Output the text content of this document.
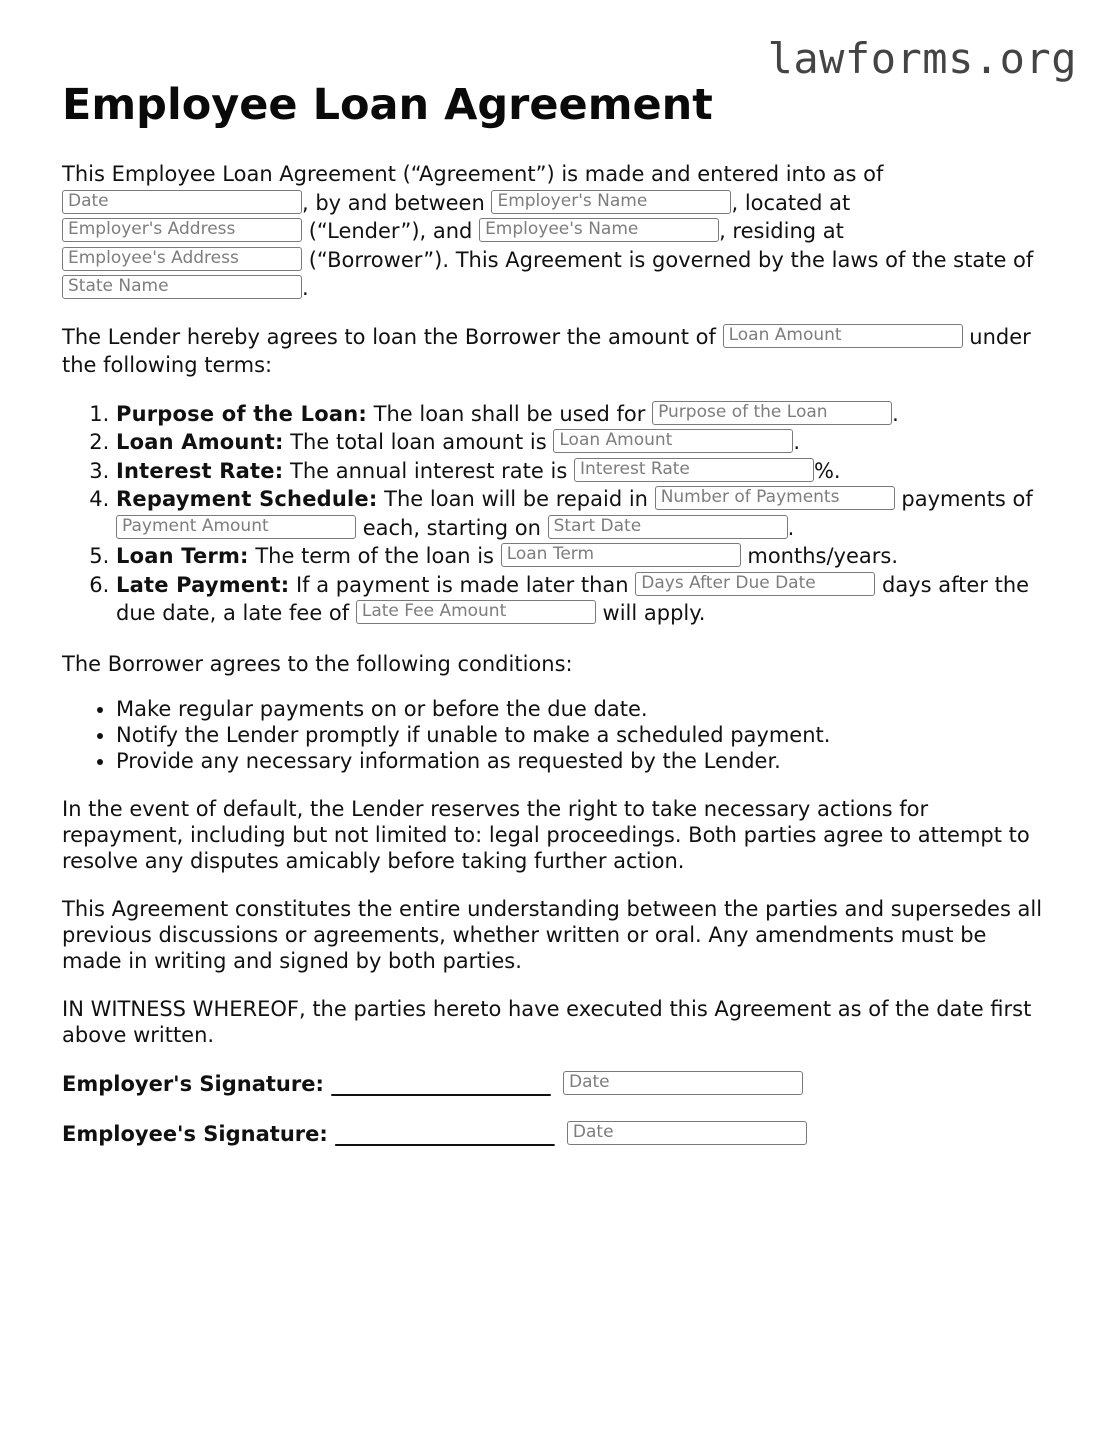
lawforms.org
Employee Loan Agreement

This Employee Loan Agreement (“Agreement”) is made and entered into as of Date	, by and between Employer's Name	, located at Employer's Address	(“Lender”), and Employee's Name	, residing at Employee's Address	(“Borrower”). This Agreement is governed by the laws of the state of State Name	.

The Lender hereby agrees to loan the Borrower the amount of Loan Amount	under the following terms:

1. Purpose of the Loan: The loan shall be used for Purpose of the Loan	.
2. Loan Amount: The total loan amount is Loan Amount	.
3. Interest Rate: The annual interest rate is Interest Rate	%.
4. Repayment Schedule: The loan will be repaid in Number of Payments	payments of Payment Amount	each, starting on Start Date	.
5. Loan Term: The term of the loan is Loan Term	months/years.
6. Late Payment: If a payment is made later than Days After Due Date	days after the due date, a late fee of Late Fee Amount	will apply.

The Borrower agrees to the following conditions:

• Make regular payments on or before the due date.
• Notify the Lender promptly if unable to make a scheduled payment.
• Provide any necessary information as requested by the Lender.

In the event of default, the Lender reserves the right to take necessary actions for repayment, including but not limited to: legal proceedings. Both parties agree to attempt to resolve any disputes amicably before taking further action.

This Agreement constitutes the entire understanding between the parties and supersedes all previous discussions or agreements, whether written or oral. Any amendments must be made in writing and signed by both parties.

IN WITNESS WHEREOF, the parties hereto have executed this Agreement as of the date first above written.

Employer's Signature: _______________________ Date
Employee's Signature: _______________________ Date
